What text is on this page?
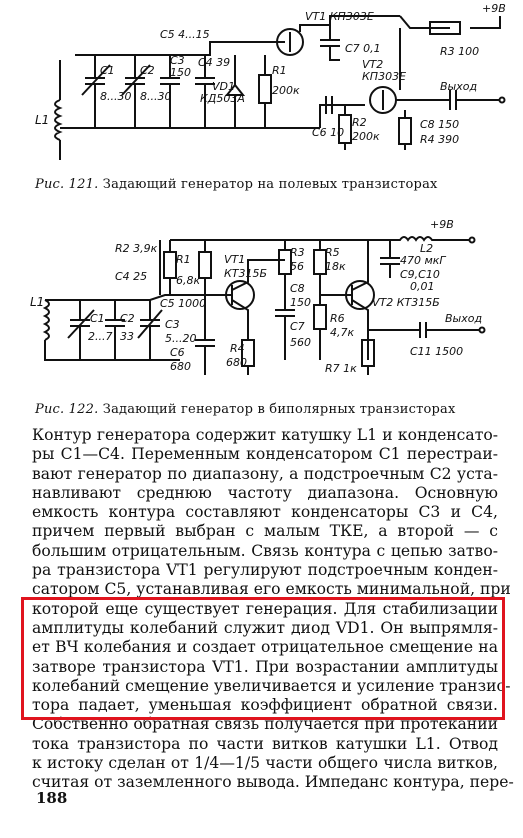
VT1 КП303Е
+9В
R3 100
C7 0,1
VT2
КП303Е
Выход
C5 4...15
C3
150
C4 39
C1
8...30
C2
8...30
VD1
КД503А
R1
200к
L1
C6 10
R2
200к
C8 150
R4 390
Рис. 121. Задающий генератор на полевых транзисторах
+9В
R2 3,9к
R1
6,8к
VT1
КТ315Б
R3
56
R5
18к
L2
470 мкГ
C9,C10
0,01
C4 25
C5 1000
C8
150	VT2 КТ315Б
Выход
L1
C1
2...7
C2
33
C3
5...20
C7
560
R6
4,7к
C6
680
R4
680	R7 1к
C11 1500
Рис. 122. Задающий генератор в биполярных транзисторах
Контур генератора содержит катушку L1 и конденсато-
ры C1—C4. Переменным конденсатором C1 перестраи-
вают генератор по диапазону, а подстроечным C2 уста-
навливают среднюю частоту диапазона. Основную
емкость контура составляют конденсаторы C3 и C4,
причем первый выбран с малым ТКЕ, а второй — с
большим отрицательным. Связь контура с цепью затво-
ра транзистора VT1 регулируют подстроечным конден-
сатором C5, устанавливая его емкость минимальной, при
которой еще существует генерация. Для стабилизации
амплитуды колебаний служит диод VD1. Он выпрямля-
ет ВЧ колебания и создает отрицательное смещение на
затворе транзистора VT1. При возрастании амплитуды
колебаний смещение увеличивается и усиление транзис-
тора падает, уменьшая коэффициент обратной связи.
Собственно обратная связь получается при протекании
тока транзистора по части витков катушки L1. Отвод
к истоку сделан от 1/4—1/5 части общего числа витков,
считая от заземленного вывода. Импеданс контура, пере-
188
